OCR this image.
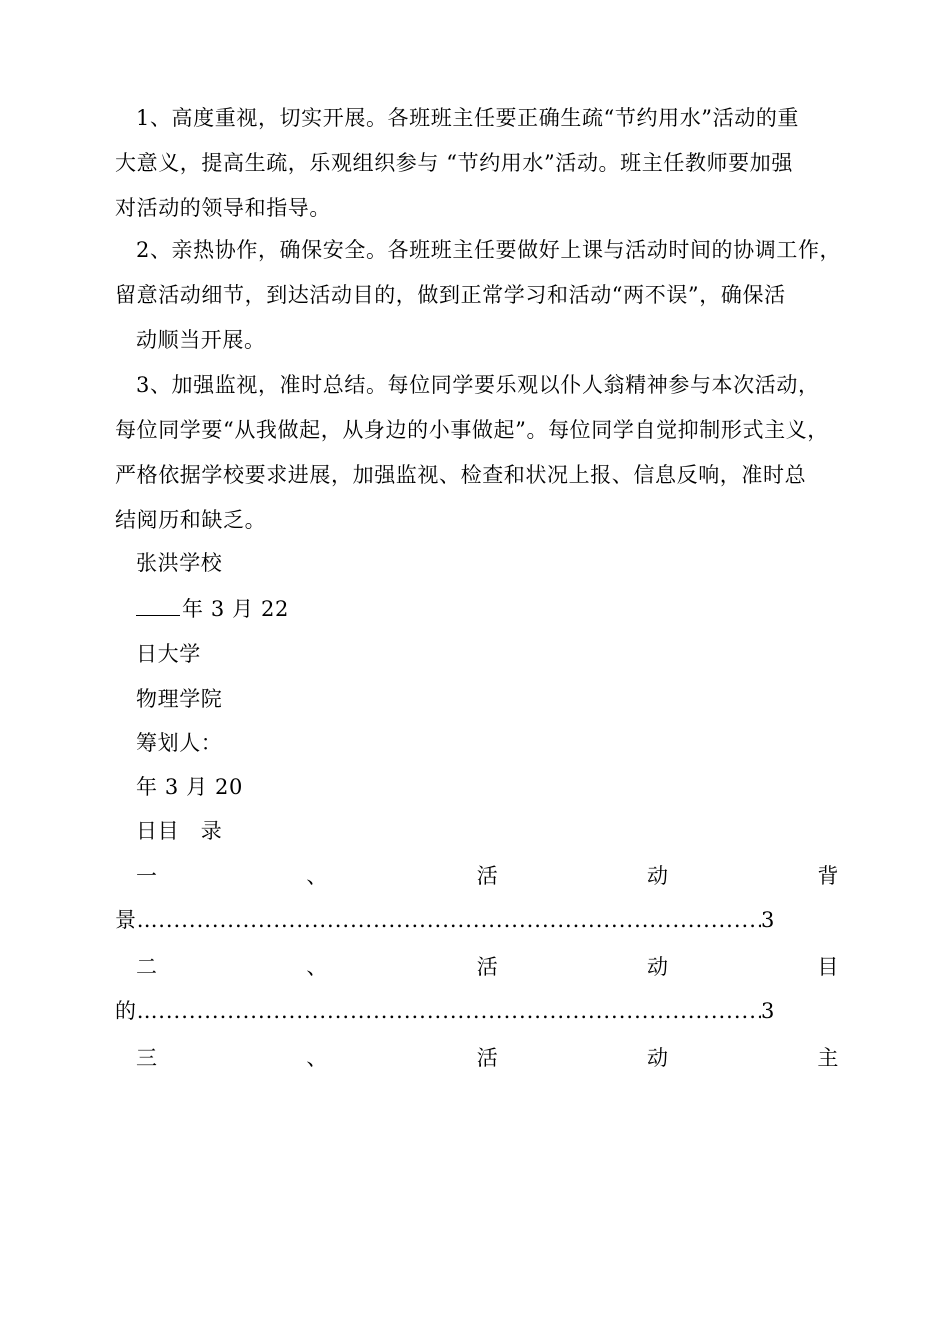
1、高度重视，切实开展。各班班主任要正确生疏“节约用水”活动的重
大意义，提高生疏，乐观组织参与 “节约用水”活动。班主任教师要加强
对活动的领导和指导。
2、亲热协作，确保安全。各班班主任要做好上课与活动时间的协调工作，
留意活动细节，到达活动目的，做到正常学习和活动“两不误”，确保活
动顺当开展。
3、加强监视，准时总结。每位同学要乐观以仆人翁精神参与本次活动，
每位同学要“从我做起，从身边的小事做起”。每位同学自觉抑制形式主义，
严格依据学校要求进展，加强监视、检查和状况上报、信息反响，准时总
结阅历和缺乏。
张洪学校
年 3 月 22
日大学
物理学院
筹划人：
年 3 月 20
日目　录
一	、	活	动	背
景… .....	3
二	、	活	动	目
的… .....	3
三	、	活	动	主
